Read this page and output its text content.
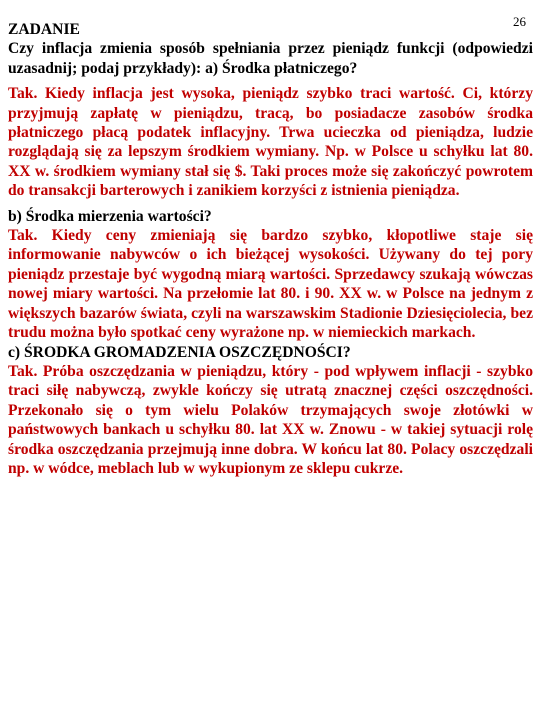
26

ZADANIE
Czy inflacja zmienia sposób spełniania przez pieniądz funkcji (odpowiedzi uzasadnij; podaj przykłady): a) Środka płatniczego?

Tak. Kiedy inflacja jest wysoka, pieniądz szybko traci wartość. Ci, którzy przyjmują zapłatę w pieniądzu, tracą, bo posiadacze zasobów środka płatniczego płacą podatek inflacyjny. Trwa ucieczka od pieniądza, ludzie rozglądają się za lepszym środkiem wymiany. Np. w Polsce u schyłku lat 80. XX w. środkiem wymiany stał się $. Taki proces może się zakończyć powrotem do transakcji barterowych i zanikiem korzyści z istnienia pieniądza.

b) Środka mierzenia wartości?

Tak. Kiedy ceny zmieniają się bardzo szybko, kłopotliwe staje się informowanie nabywców o ich bieżącej wysokości. Używany do tej pory pieniądz przestaje być wygodną miarą wartości. Sprzedawcy szukają wówczas nowej miary wartości. Na przełomie lat 80. i 90. XX w. w Polsce na jednym z większych bazarów świata, czyli na warszawskim Stadionie Dziesięciolecia, bez trudu można było spotkać ceny wyrażone np. w niemieckich markach.

c) ŚRODKA GROMADZENIA OSZCZĘDNOŚCI?

Tak. Próba oszczędzania w pieniądzu, który - pod wpływem inflacji - szybko traci siłę nabywczą, zwykle kończy się utratą znacznej części oszczędności. Przekonało się o tym wielu Polaków trzymających swoje złotówki w państwowych bankach u schyłku 80. lat XX w. Znowu - w takiej sytuacji rolę środka oszczędzania przejmują inne dobra. W końcu lat 80. Polacy oszczędzali np. w wódce, meblach lub w wykupionym ze sklepu cukrze.
